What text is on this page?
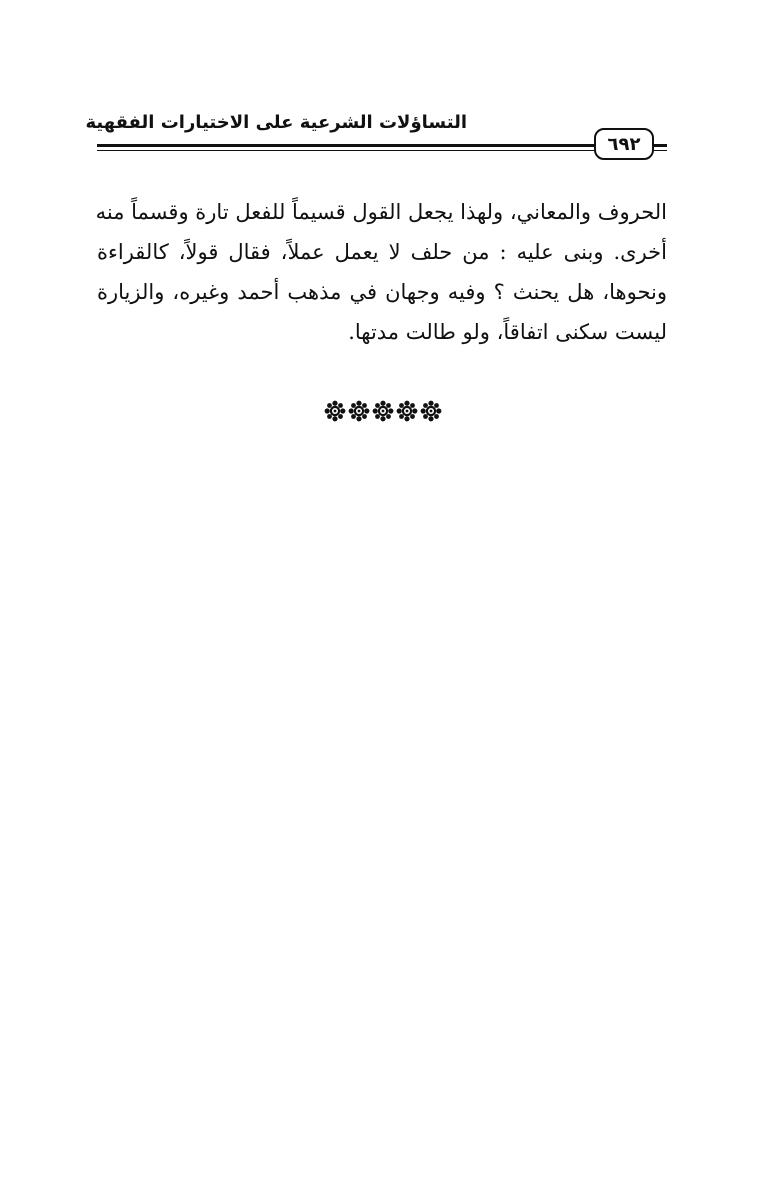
التساؤلات الشرعية على الاختيارات الفقهية
٦٩٢
الحروف والمعاني، ولهذا يجعل القول قسيماً للفعل تارة وقسماً منه
أخرى. وبنى عليه : من حلف لا يعمل عملاً، فقال قولاً، كالقراءة
ونحوها، هل يحنث ؟ وفيه وجهان في مذهب أحمد وغيره، والزيارة
ليست سكنى اتفاقاً، ولو طالت مدتها.
